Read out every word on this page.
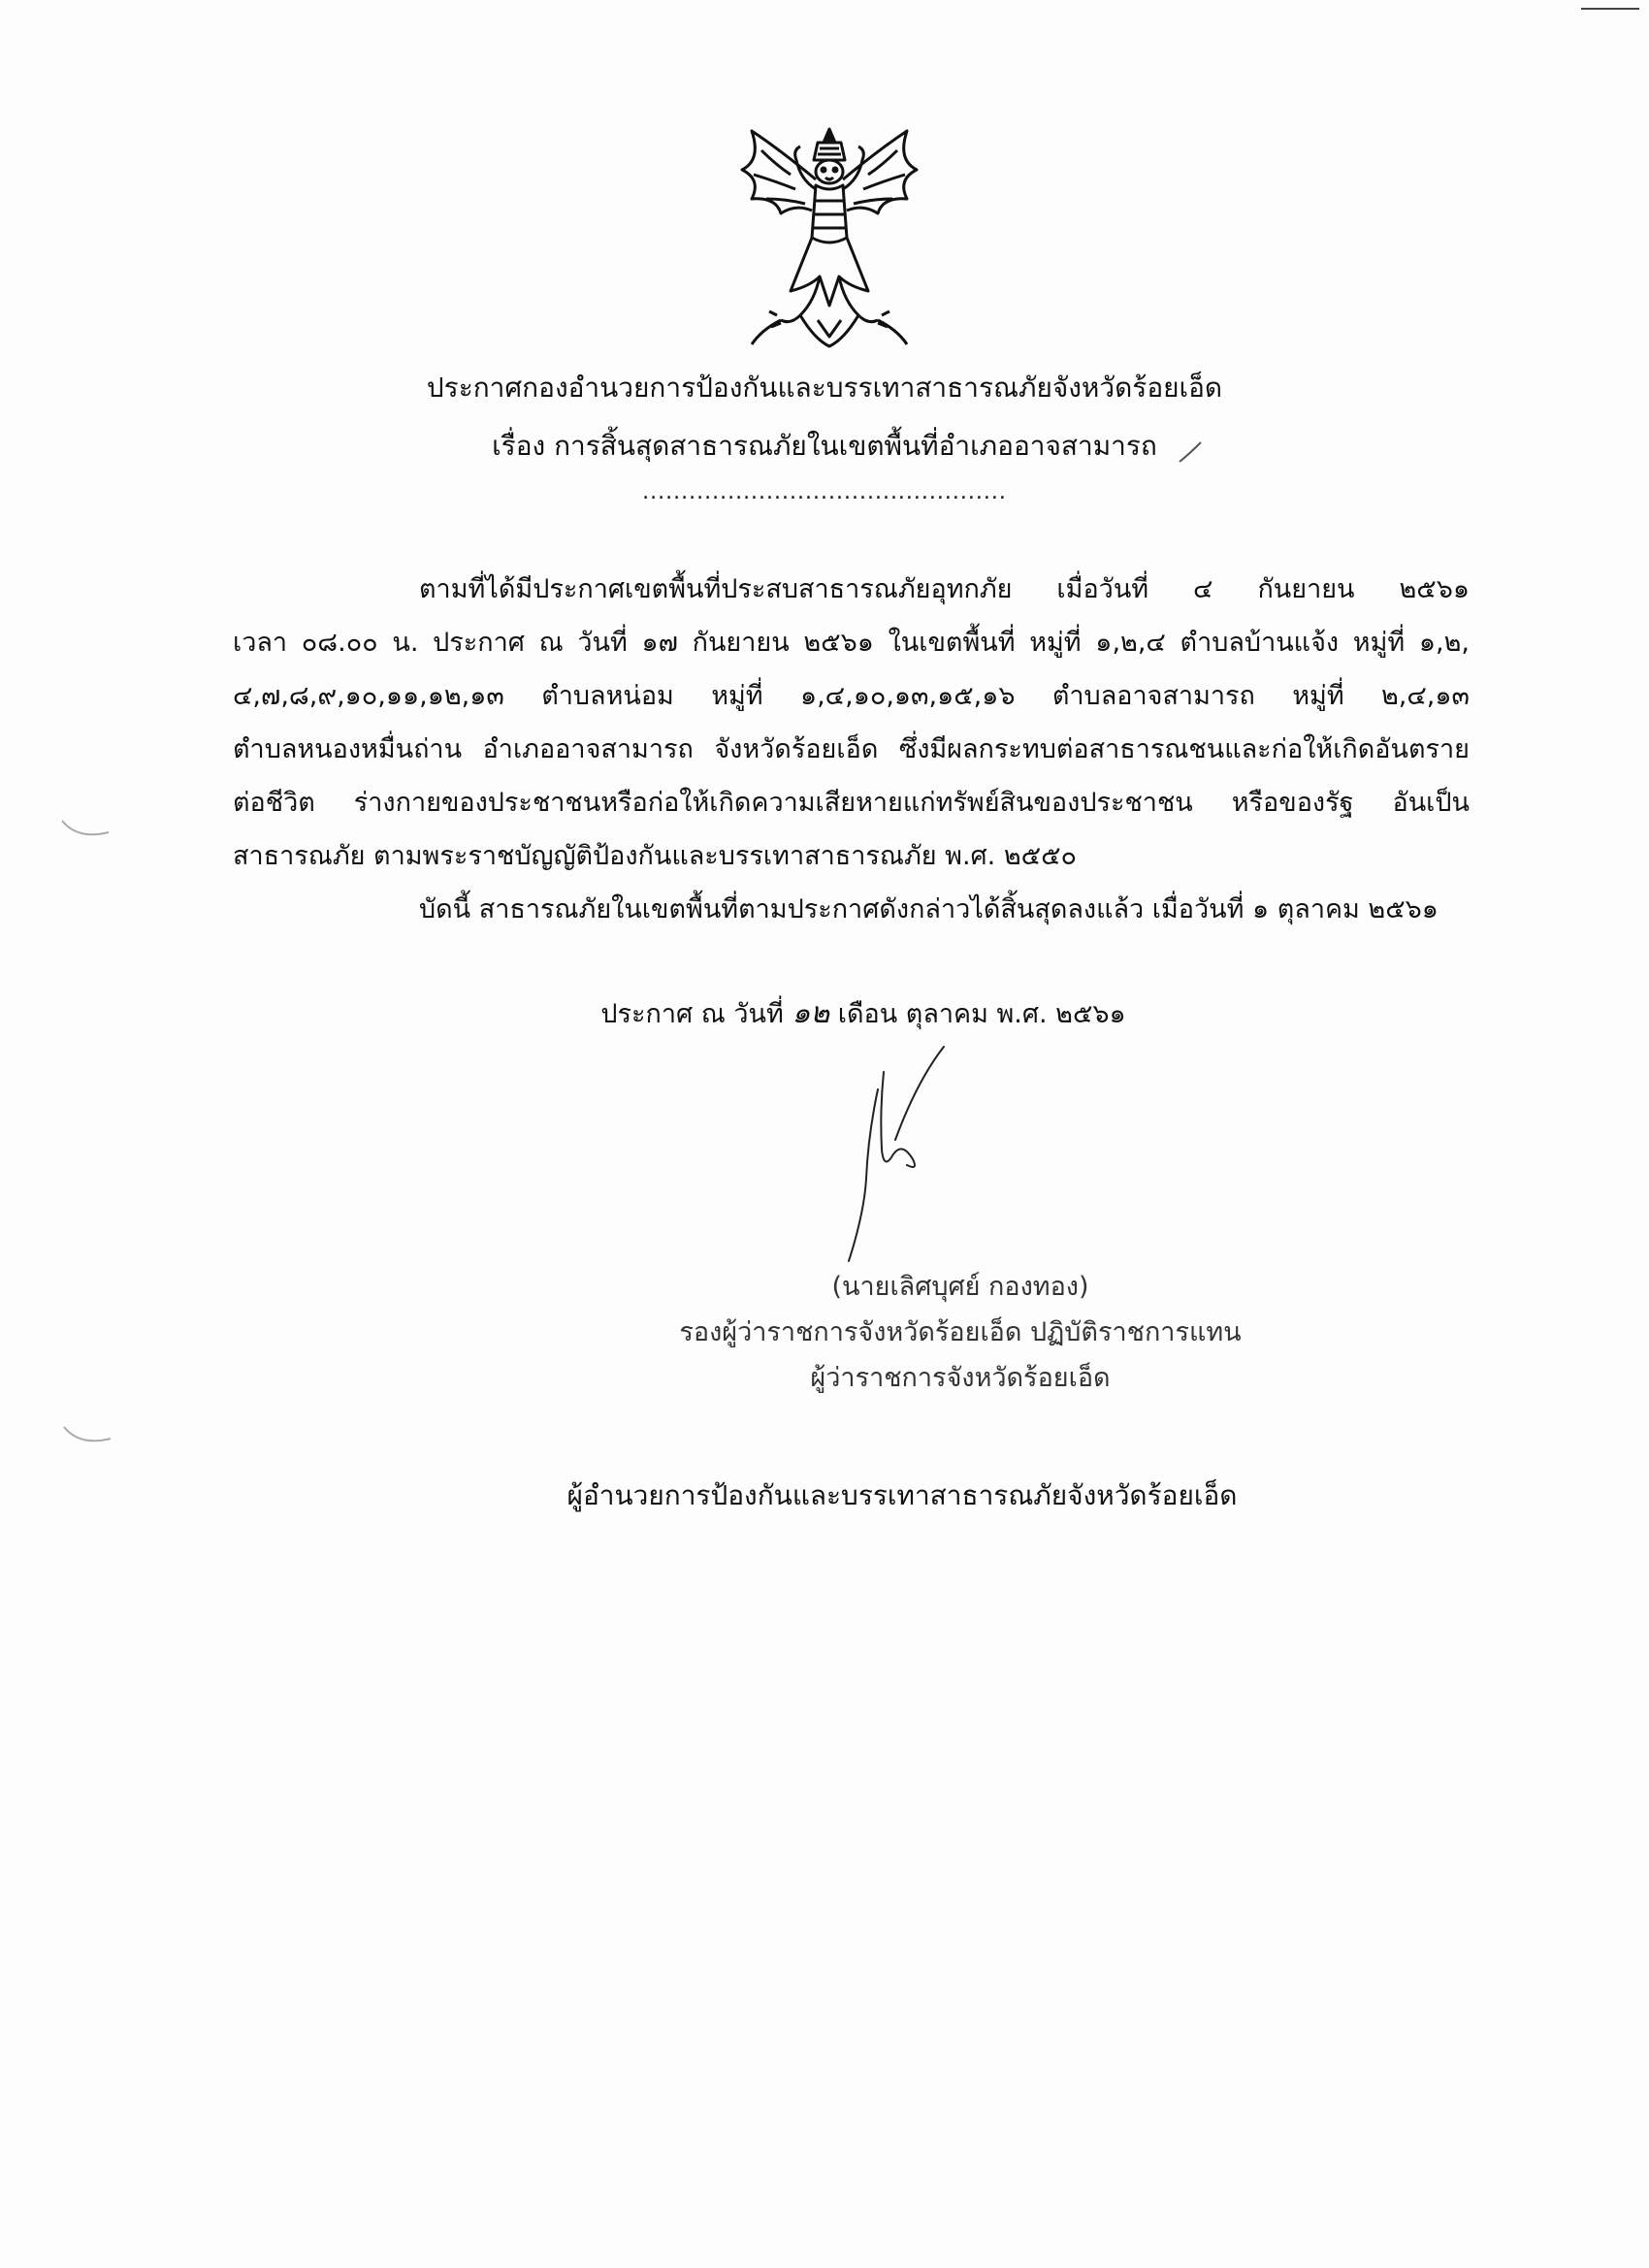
ประกาศกองอำนวยการป้องกันและบรรเทาสาธารณภัยจังหวัดร้อยเอ็ด
เรื่อง การสิ้นสุดสาธารณภัยในเขตพื้นที่อำเภออาจสามารถ
...............................................
ตามที่ได้มีประกาศเขตพื้นที่ประสบสาธารณภัยอุทกภัย เมื่อวันที่ ๔ กันยายน ๒๕๖๑
เวลา ๐๘.๐๐ น. ประกาศ ณ วันที่ ๑๗ กันยายน ๒๕๖๑ ในเขตพื้นที่ หมู่ที่ ๑,๒,๔ ตำบลบ้านแจ้ง หมู่ที่ ๑,๒,
๔,๗,๘,๙,๑๐,๑๑,๑๒,๑๓ ตำบลหน่อม หมู่ที่ ๑,๔,๑๐,๑๓,๑๕,๑๖ ตำบลอาจสามารถ หมู่ที่ ๒,๔,๑๓
ตำบลหนองหมื่นถ่าน อำเภออาจสามารถ จังหวัดร้อยเอ็ด ซึ่งมีผลกระทบต่อสาธารณชนและก่อให้เกิดอันตราย
ต่อชีวิต ร่างกายของประชาชนหรือก่อให้เกิดความเสียหายแก่ทรัพย์สินของประชาชน หรือของรัฐ อันเป็น
สาธารณภัย ตามพระราชบัญญัติป้องกันและบรรเทาสาธารณภัย พ.ศ. ๒๕๕๐
บัดนี้ สาธารณภัยในเขตพื้นที่ตามประกาศดังกล่าวได้สิ้นสุดลงแล้ว เมื่อวันที่ ๑ ตุลาคม ๒๕๖๑
ประกาศ ณ วันที่ ๑๒ เดือน ตุลาคม พ.ศ. ๒๕๖๑
(นายเลิศบุศย์ กองทอง)
รองผู้ว่าราชการจังหวัดร้อยเอ็ด ปฏิบัติราชการแทน
ผู้ว่าราชการจังหวัดร้อยเอ็ด
ผู้อำนวยการป้องกันและบรรเทาสาธารณภัยจังหวัดร้อยเอ็ด
